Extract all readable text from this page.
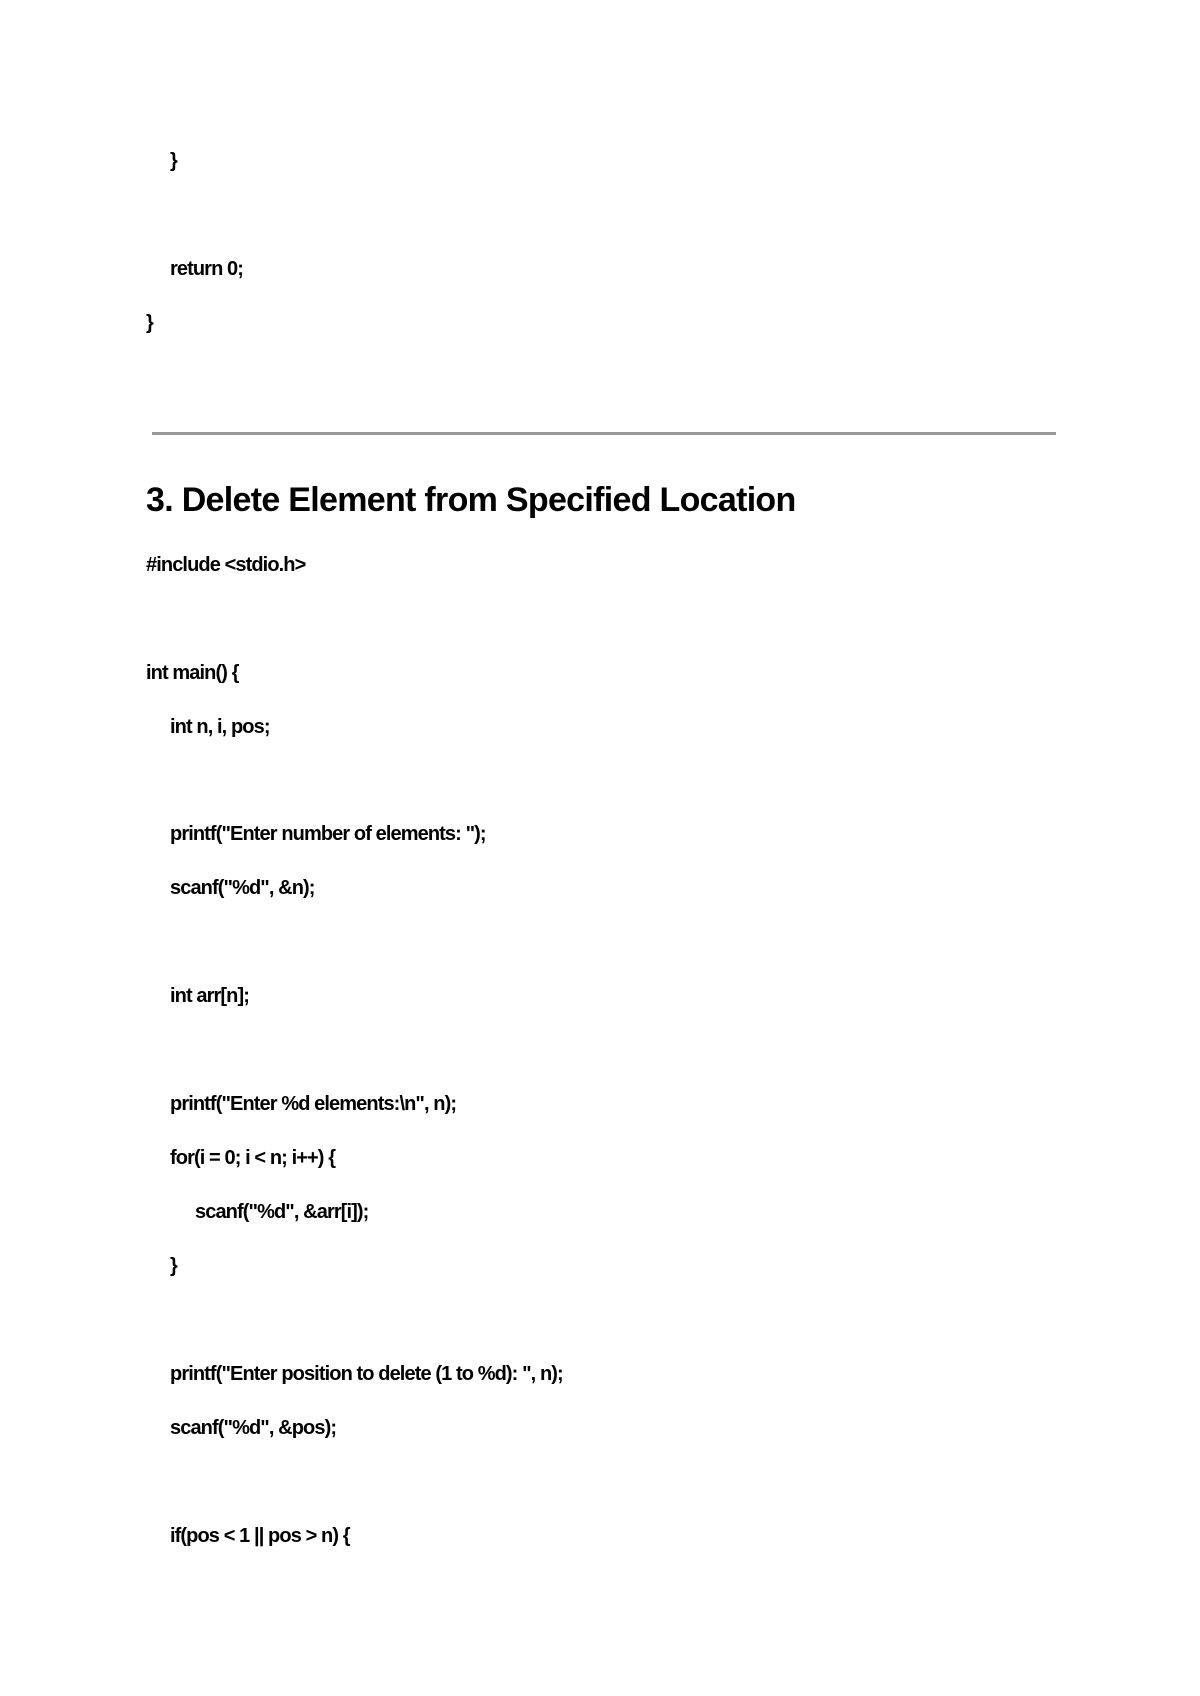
}
return 0;
}
3. Delete Element from Specified Location
#include <stdio.h>
int main() {
int n, i, pos;
printf("Enter number of elements: ");
scanf("%d", &n);
int arr[n];
printf("Enter %d elements:\n", n);
for(i = 0; i < n; i++) {
scanf("%d", &arr[i]);
}
printf("Enter position to delete (1 to %d): ", n);
scanf("%d", &pos);
if(pos < 1 || pos > n) {
